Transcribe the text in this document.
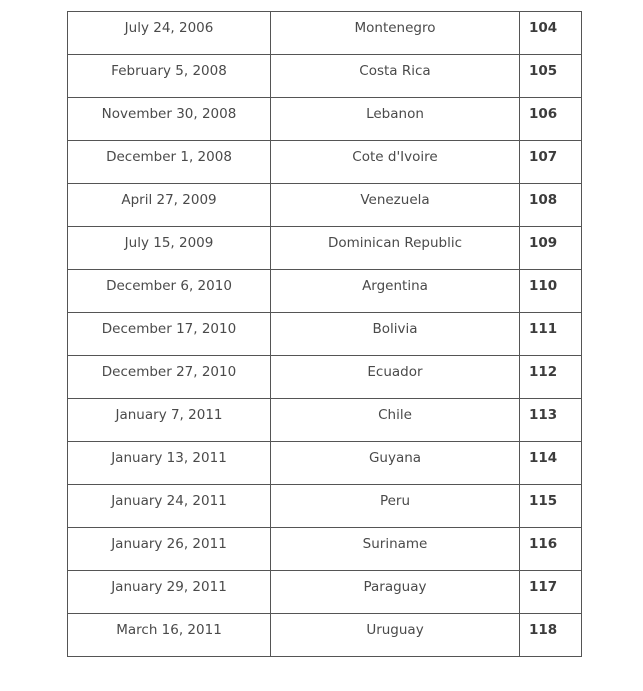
July 24, 2006	Montenegro	104

February 5, 2008	Costa Rica	105

November 30, 2008	Lebanon	106

December 1, 2008	Cote d'Ivoire	107

April 27, 2009	Venezuela	108

July 15, 2009	Dominican Republic	109

December 6, 2010	Argentina	110

December 17, 2010	Bolivia	111

December 27, 2010	Ecuador	112

January 7, 2011	Chile	113

January 13, 2011	Guyana	114

January 24, 2011	Peru	115

January 26, 2011	Suriname	116

January 29, 2011	Paraguay	117

March 16, 2011	Uruguay	118
